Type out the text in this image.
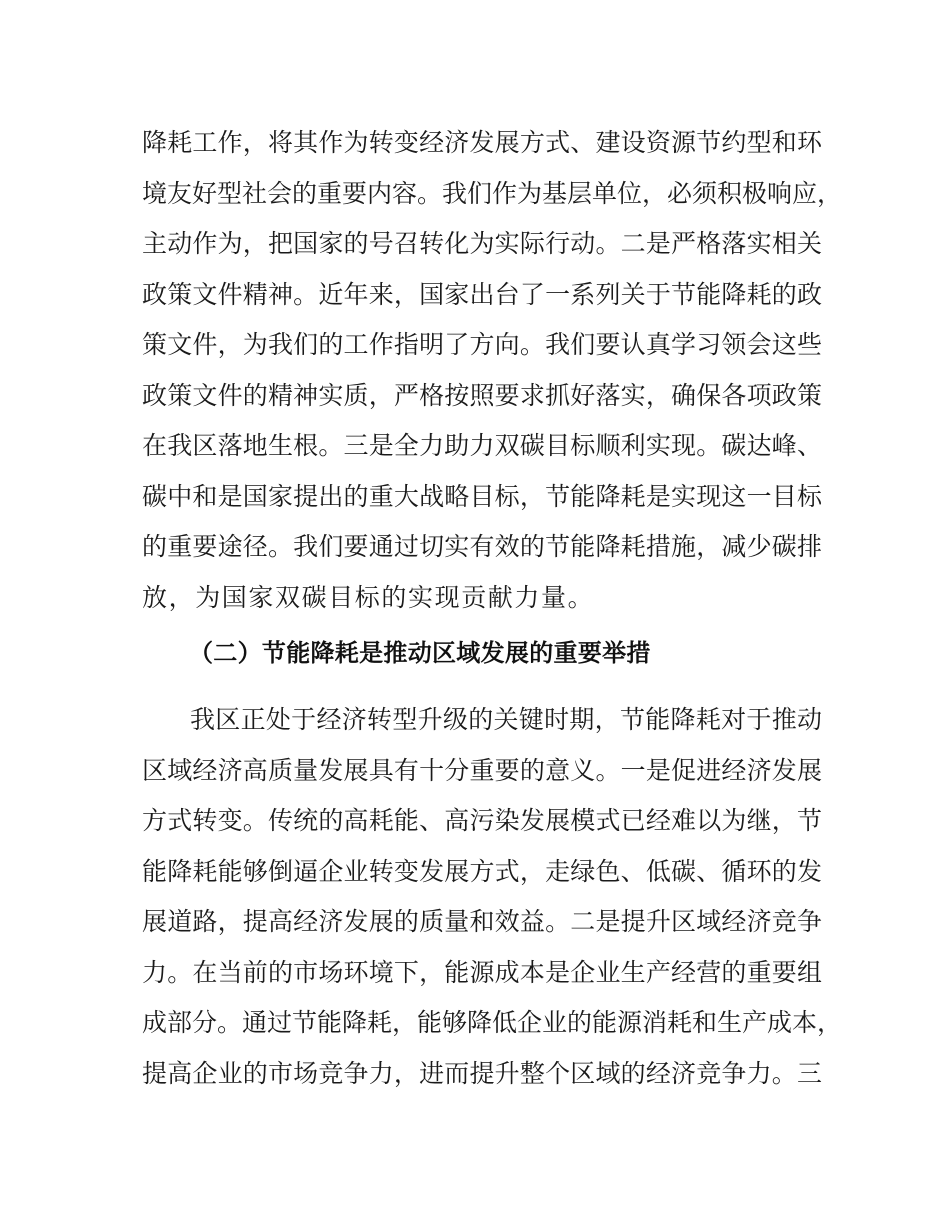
降耗工作，将其作为转变经济发展方式、建设资源节约型和环
境友好型社会的重要内容。我们作为基层单位，必须积极响应，
主动作为，把国家的号召转化为实际行动。二是严格落实相关
政策文件精神。近年来，国家出台了一系列关于节能降耗的政
策文件，为我们的工作指明了方向。我们要认真学习领会这些
政策文件的精神实质，严格按照要求抓好落实，确保各项政策
在我区落地生根。三是全力助力双碳目标顺利实现。碳达峰、
碳中和是国家提出的重大战略目标，节能降耗是实现这一目标
的重要途径。我们要通过切实有效的节能降耗措施，减少碳排
放，为国家双碳目标的实现贡献力量。
（二）节能降耗是推动区域发展的重要举措
我区正处于经济转型升级的关键时期，节能降耗对于推动
区域经济高质量发展具有十分重要的意义。一是促进经济发展
方式转变。传统的高耗能、高污染发展模式已经难以为继，节
能降耗能够倒逼企业转变发展方式，走绿色、低碳、循环的发
展道路，提高经济发展的质量和效益。二是提升区域经济竞争
力。在当前的市场环境下，能源成本是企业生产经营的重要组
成部分。通过节能降耗，能够降低企业的能源消耗和生产成本，
提高企业的市场竞争力，进而提升整个区域的经济竞争力。三
